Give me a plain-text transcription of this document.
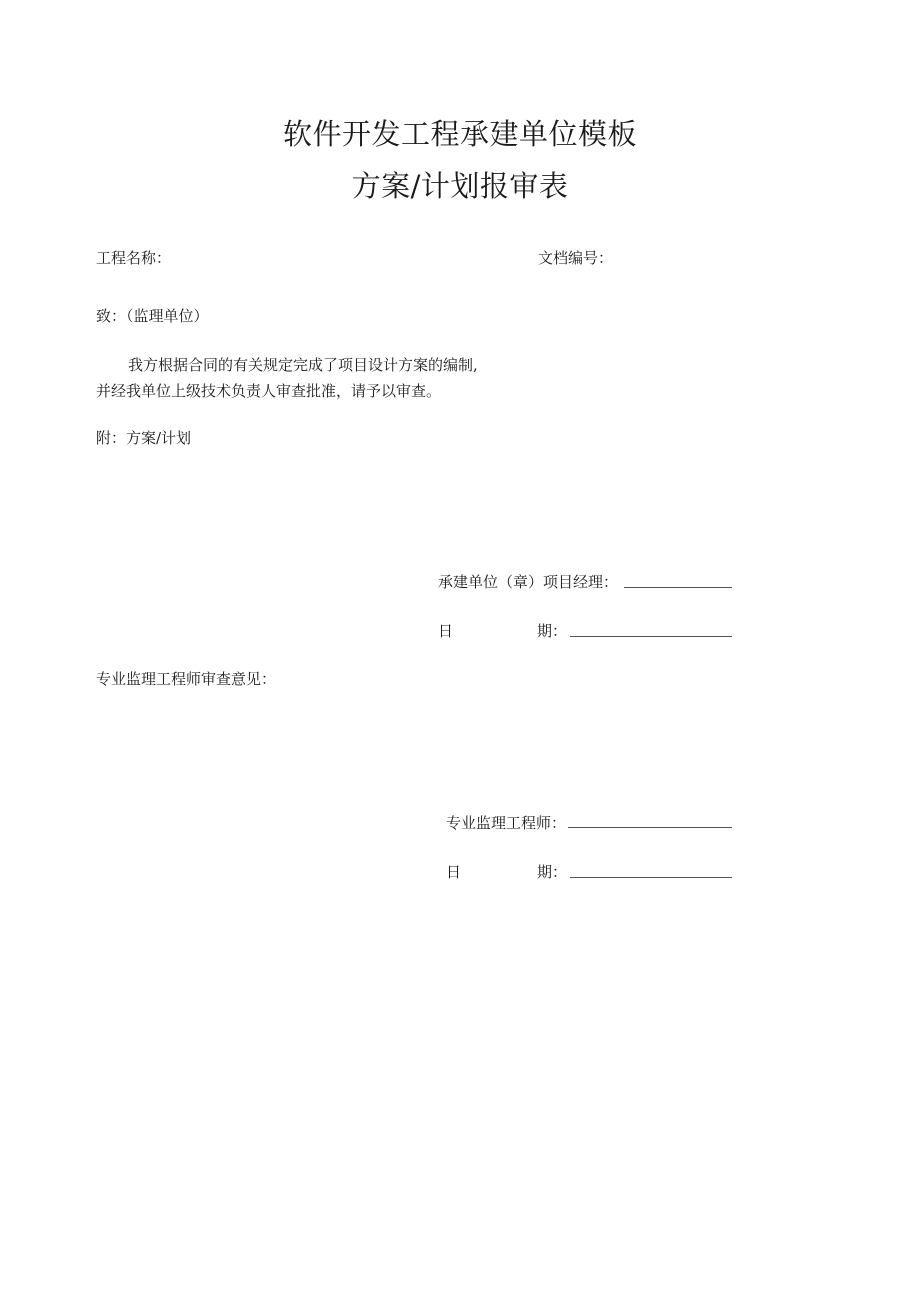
软件开发工程承建单位模板
方案/计划报审表
工程名称：	文档编号：
致：（监理单位）
我方根据合同的有关规定完成了项目设计方案的编制,
并经我单位上级技术负责人审查批准，请予以审查。
附：方案/计划
承建单位（章）项目经理：
日	期：
专业监理工程师审查意见：
专业监理工程师：
日	期：
